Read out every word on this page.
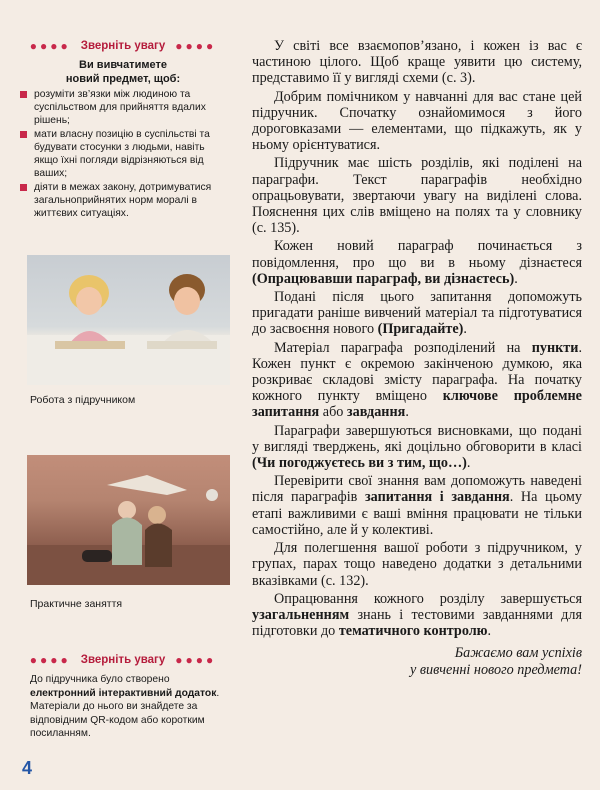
●●●● Зверніть увагу ●●●●
Ви вивчатимете
новий предмет, щоб:
розуміти зв’язки між людиною та суспільством для прийняття вдалих рішень;
мати власну позицію в суспільстві та будувати стосунки з людьми, навіть якщо їхні погляди відрізняються від ваших;
діяти в межах закону, дотримуватися загальноприйнятих норм моралі в життєвих ситуаціях.
Робота з підручником
Практичне заняття
●●●● Зверніть увагу ●●●●
До підручника було створено електронний інтерактивний додаток. Матеріали до нього ви знайдете за відповідним QR-кодом або коротким посиланням.
4

У світі все взаємопов’язано, і кожен із вас є частиною цілого. Щоб краще уявити цю систему, представимо її у вигляді схеми (с. 3).

Добрим помічником у навчанні для вас стане цей підручник. Спочатку ознайомимося з його дороговказами — елементами, що підкажуть, як у ньому орієнтуватися.

Підручник має шість розділів, які поділені на параграфи. Текст параграфів необхідно опрацьовувати, звертаючи увагу на виділені слова. Пояснення цих слів вміщено на полях та у словнику (с. 135).

Кожен новий параграф починається з повідомлення, про що ви в ньому дізнаєтеся (Опрацювавши параграф, ви дізнаєтесь).

Подані після цього запитання допоможуть пригадати раніше вивчений матеріал та підготуватися до засвоєння нового (Пригадайте).

Матеріал параграфа розподілений на пункти. Кожен пункт є окремою закінченою думкою, яка розкриває складові змісту параграфа. На початку кожного пункту вміщено ключове проблемне запитання або завдання.

Параграфи завершуються висновками, що подані у вигляді тверджень, які доцільно обговорити в класі (Чи погоджуєтесь ви з тим, що…).

Перевірити свої знання вам допоможуть наведені після параграфів запитання і завдання. На цьому етапі важливими є ваші вміння працювати не тільки самостійно, але й у колективі.

Для полегшення вашої роботи з підручником, у групах, парах тощо наведено додатки з детальними вказівками (с. 132).

Опрацювання кожного розділу завершується узагальненням знань і тестовими завданнями для підготовки до тематичного контролю.

Бажаємо вам успіхів
у вивченні нового предмета!
